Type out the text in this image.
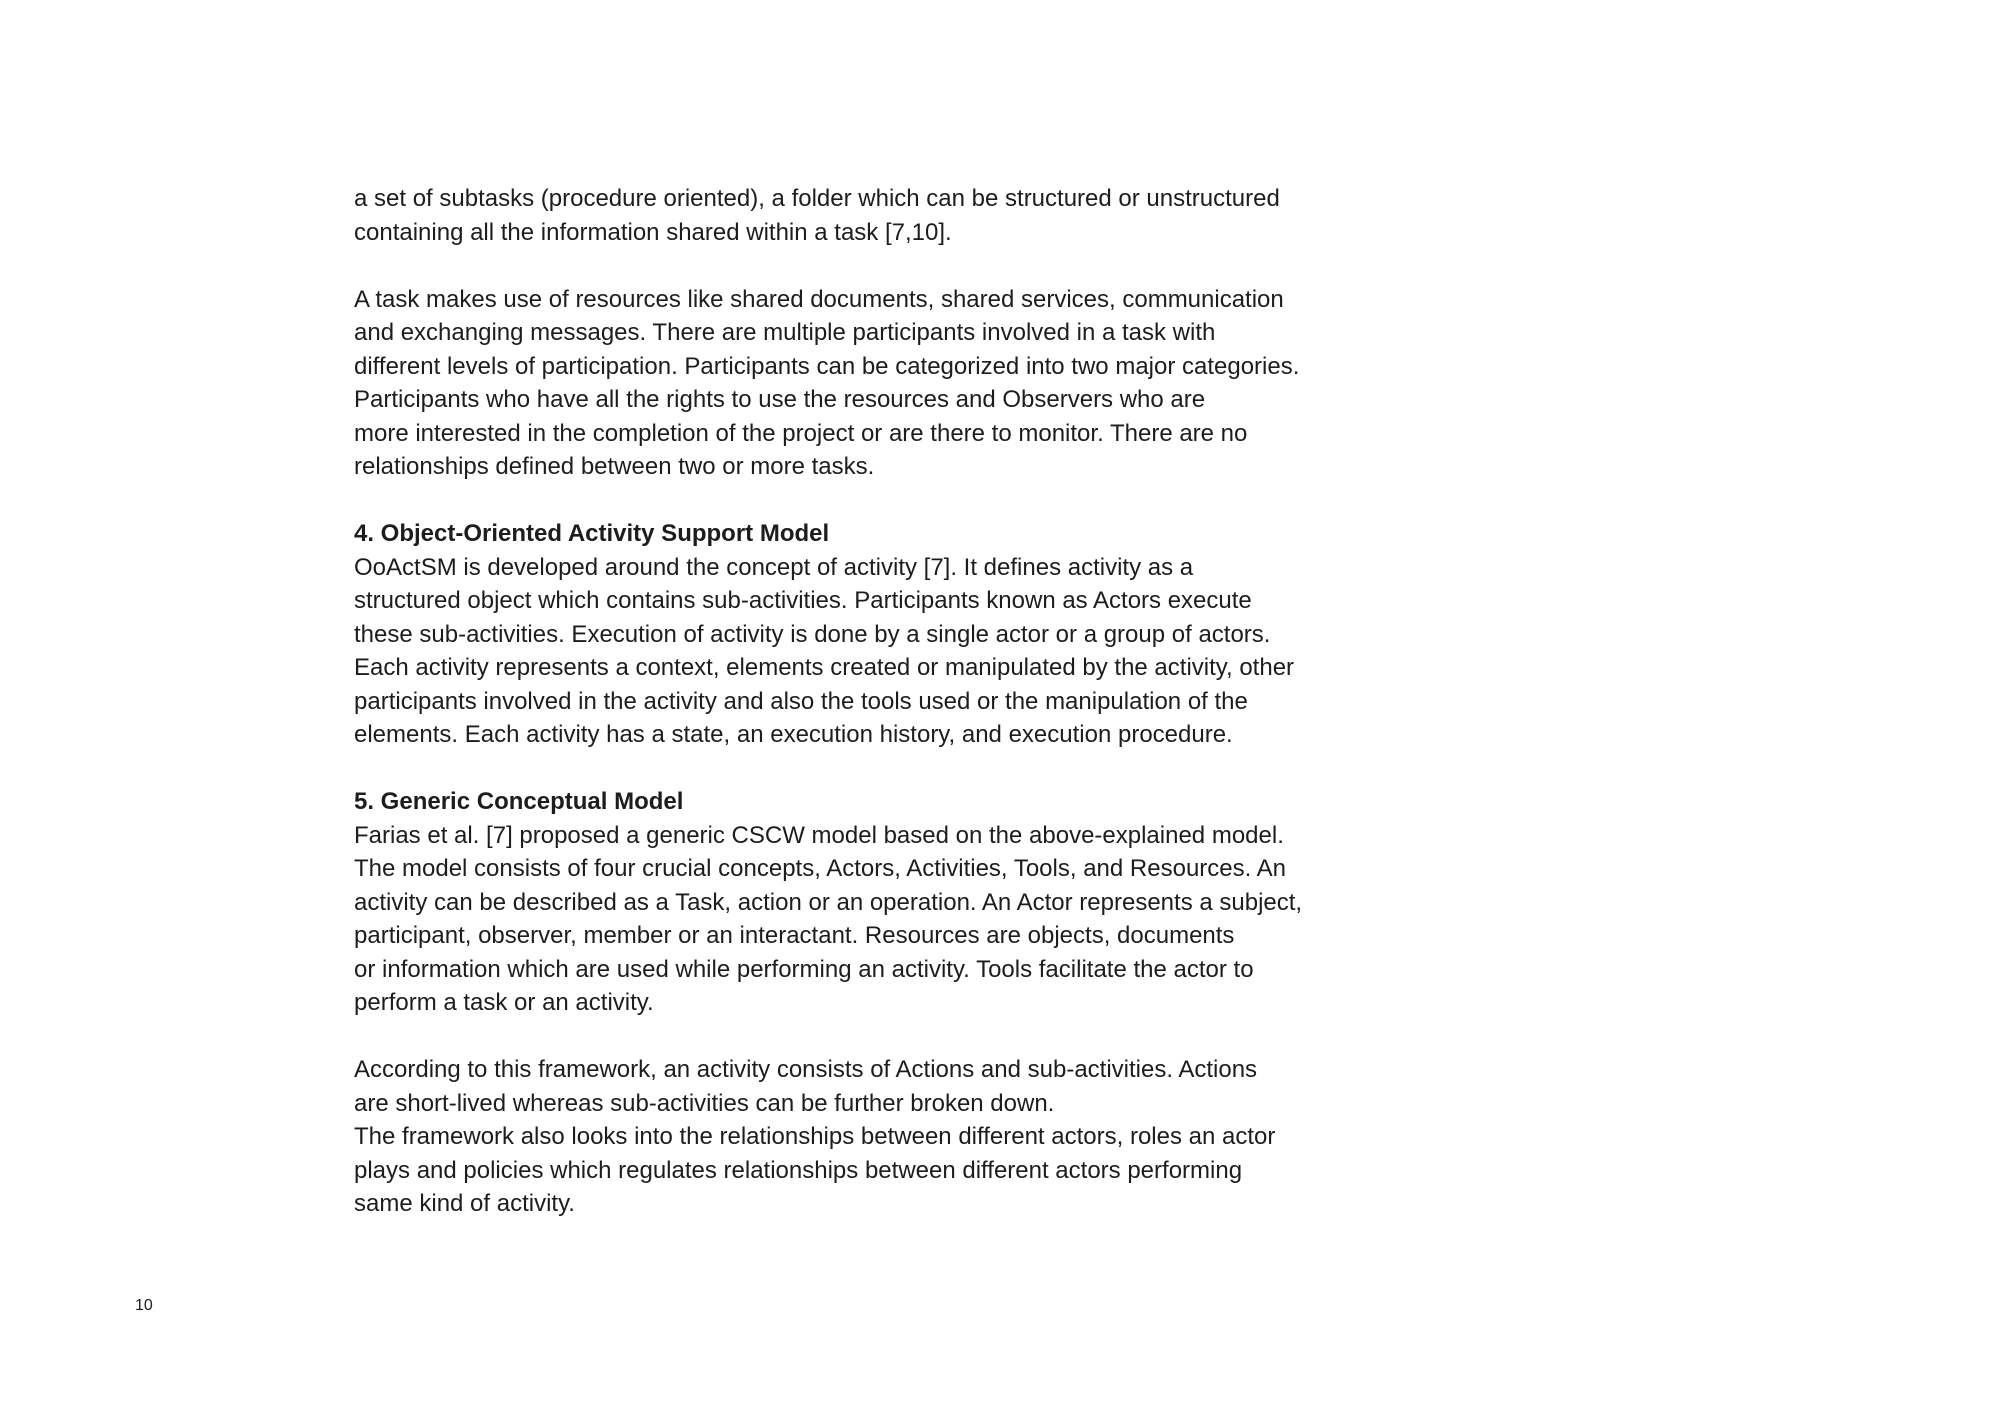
a set of subtasks (procedure oriented), a folder which can be structured or unstructured
containing all the information shared within a task [7,10].

A task makes use of resources like shared documents, shared services, communication
and exchanging messages. There are multiple participants involved in a task with
different levels of participation. Participants can be categorized into two major categories.
Participants who have all the rights to use the resources and Observers who are
more interested in the completion of the project or are there to monitor. There are no
relationships defined between two or more tasks.

4. Object-Oriented Activity Support Model

OoActSM is developed around the concept of activity [7]. It defines activity as a
structured object which contains sub-activities. Participants known as Actors execute
these sub-activities. Execution of activity is done by a single actor or a group of actors.
Each activity represents a context, elements created or manipulated by the activity, other
participants involved in the activity and also the tools used or the manipulation of the
elements. Each activity has a state, an execution history, and execution procedure.

5. Generic Conceptual Model

Farias et al. [7] proposed a generic CSCW model based on the above-explained model.
The model consists of four crucial concepts, Actors, Activities, Tools, and Resources. An
activity can be described as a Task, action or an operation. An Actor represents a subject,
participant, observer, member or an interactant. Resources are objects, documents
or information which are used while performing an activity. Tools facilitate the actor to
perform a task or an activity.

According to this framework, an activity consists of Actions and sub-activities. Actions
are short-lived whereas sub-activities can be further broken down.
The framework also looks into the relationships between different actors, roles an actor
plays and policies which regulates relationships between different actors performing
same kind of activity.

10
